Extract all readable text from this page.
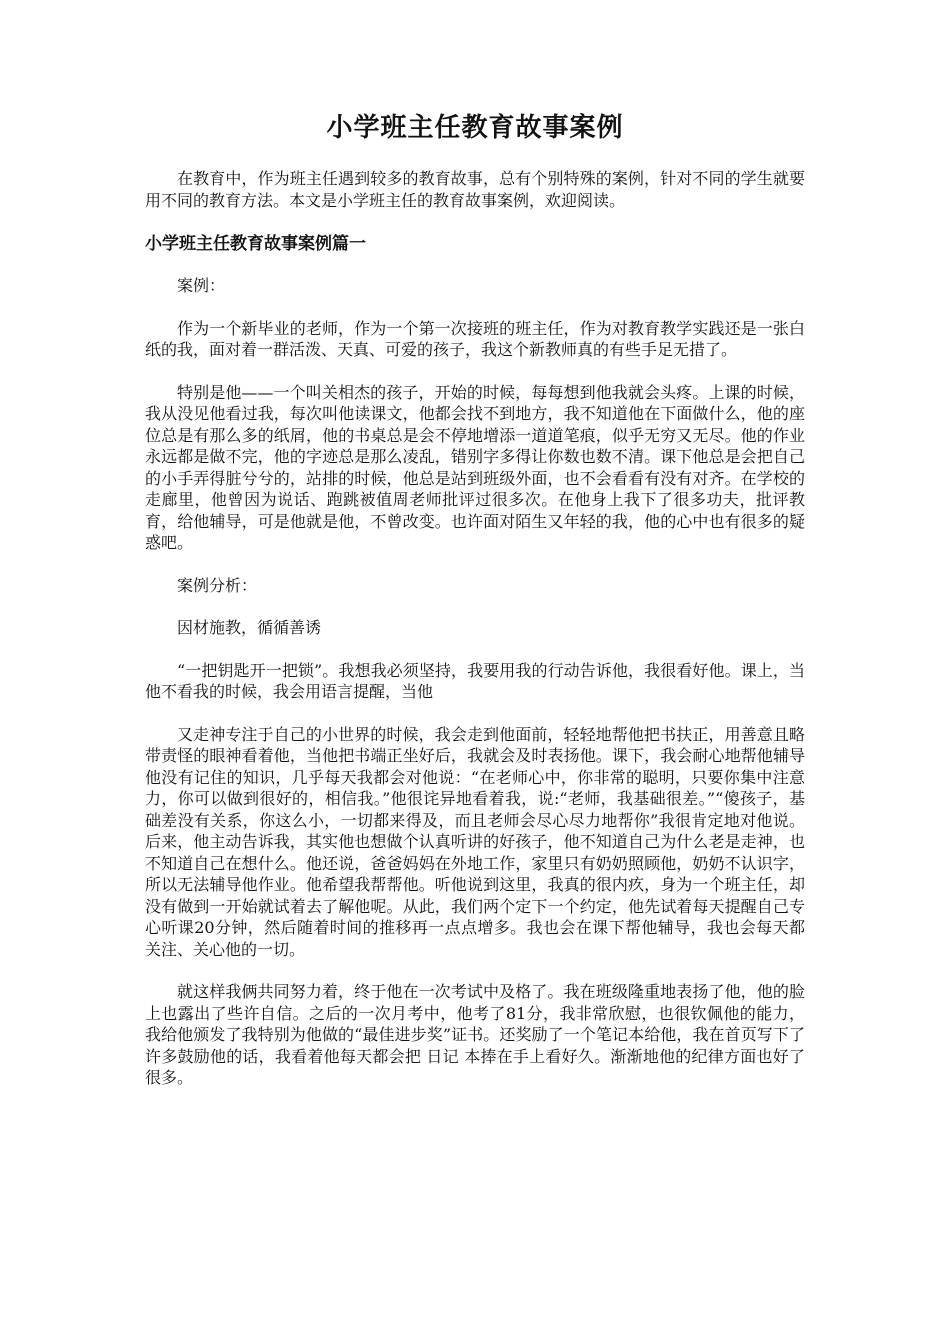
小学班主任教育故事案例

在教育中，作为班主任遇到较多的教育故事，总有个别特殊的案例，针对不同的学生就要用不同的教育方法。本文是小学班主任的教育故事案例，欢迎阅读。

小学班主任教育故事案例篇一

案例：

作为一个新毕业的老师，作为一个第一次接班的班主任，作为对教育教学实践还是一张白纸的我，面对着一群活泼、天真、可爱的孩子，我这个新教师真的有些手足无措了。

特别是他——一个叫关相杰的孩子，开始的时候，每每想到他我就会头疼。上课的时候，我从没见他看过我，每次叫他读课文，他都会找不到地方，我不知道他在下面做什么，他的座位总是有那么多的纸屑，他的书桌总是会不停地增添一道道笔痕，似乎无穷又无尽。他的作业永远都是做不完，他的字迹总是那么凌乱，错别字多得让你数也数不清。课下他总是会把自己的小手弄得脏兮兮的，站排的时候，他总是站到班级外面，也不会看看有没有对齐。在学校的走廊里，他曾因为说话、跑跳被值周老师批评过很多次。在他身上我下了很多功夫，批评教育，给他辅导，可是他就是他，不曾改变。也许面对陌生又年轻的我，他的心中也有很多的疑惑吧。

案例分析：

因材施教，循循善诱

“一把钥匙开一把锁”。我想我必须坚持，我要用我的行动告诉他，我很看好他。课上，当他不看我的时候，我会用语言提醒，当他

又走神专注于自己的小世界的时候，我会走到他面前，轻轻地帮他把书扶正，用善意且略带责怪的眼神看着他，当他把书端正坐好后，我就会及时表扬他。课下，我会耐心地帮他辅导他没有记住的知识，几乎每天我都会对他说：“在老师心中，你非常的聪明，只要你集中注意力，你可以做到很好的，相信我。”他很诧异地看着我，说:“老师，我基础很差。”“傻孩子，基础差没有关系，你这么小，一切都来得及，而且老师会尽心尽力地帮你”我很肯定地对他说。后来，他主动告诉我，其实他也想做个认真听讲的好孩子，他不知道自己为什么老是走神，也不知道自己在想什么。他还说，爸爸妈妈在外地工作，家里只有奶奶照顾他，奶奶不认识字，所以无法辅导他作业。他希望我帮帮他。听他说到这里，我真的很内疚，身为一个班主任，却没有做到一开始就试着去了解他呢。从此，我们两个定下一个约定，他先试着每天提醒自己专心听课20分钟，然后随着时间的推移再一点点增多。我也会在课下帮他辅导，我也会每天都关注、关心他的一切。

就这样我俩共同努力着，终于他在一次考试中及格了。我在班级隆重地表扬了他，他的脸上也露出了些许自信。之后的一次月考中，他考了81分，我非常欣慰，也很钦佩他的能力，我给他颁发了我特别为他做的“最佳进步奖”证书。还奖励了一个笔记本给他，我在首页写下了许多鼓励他的话，我看着他每天都会把 日记 本捧在手上看好久。渐渐地他的纪律方面也好了很多。
